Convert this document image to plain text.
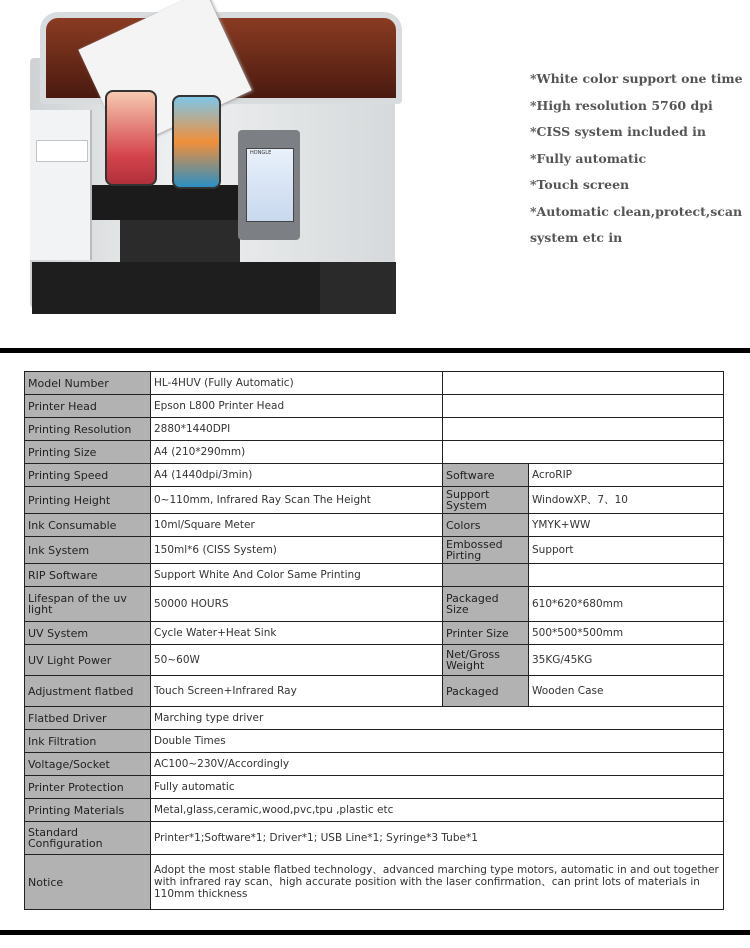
HONGLE
*White color support one time
*High resolution 5760 dpi
*CISS system included in
*Fully automatic
*Touch screen
*Automatic clean,protect,scan system etc in
Model Number	HL-4HUV (Fully Automatic)		
Printer Head	Epson L800 Printer Head		
Printing Resolution	2880*1440DPI		
Printing Size	A4 (210*290mm)		
Printing Speed	A4 (1440dpi/3min)	Software	AcroRIP
Printing Height	0~110mm, Infrared Ray Scan The Height	Support System	WindowXP、7、10
Ink Consumable	10ml/Square Meter	Colors	YMYK+WW
Ink System	150ml*6 (CISS System)	Embossed Pirting	Support
RIP Software	Support White And Color Same Printing		
Lifespan of the uv light	50000 HOURS	Packaged Size	610*620*680mm
UV System	Cycle Water+Heat Sink	Printer Size	500*500*500mm
UV Light Power	50~60W	Net/Gross Weight	35KG/45KG
Adjustment flatbed	Touch Screen+Infrared Ray	Packaged	Wooden Case
Flatbed Driver	Marching type driver		
Ink Filtration	Double Times		
Voltage/Socket	AC100~230V/Accordingly		
Printer Protection	Fully automatic		
Printing Materials	Metal,glass,ceramic,wood,pvc,tpu ,plastic etc		
Standard Configuration	Printer*1;Software*1; Driver*1; USB Line*1; Syringe*3 Tube*1		
Notice	Adopt the most stable flatbed technology、advanced marching type motors, automatic in and out together with infrared ray scan、high accurate position with the laser confirmation、can print lots of materials in 110mm thickness		
